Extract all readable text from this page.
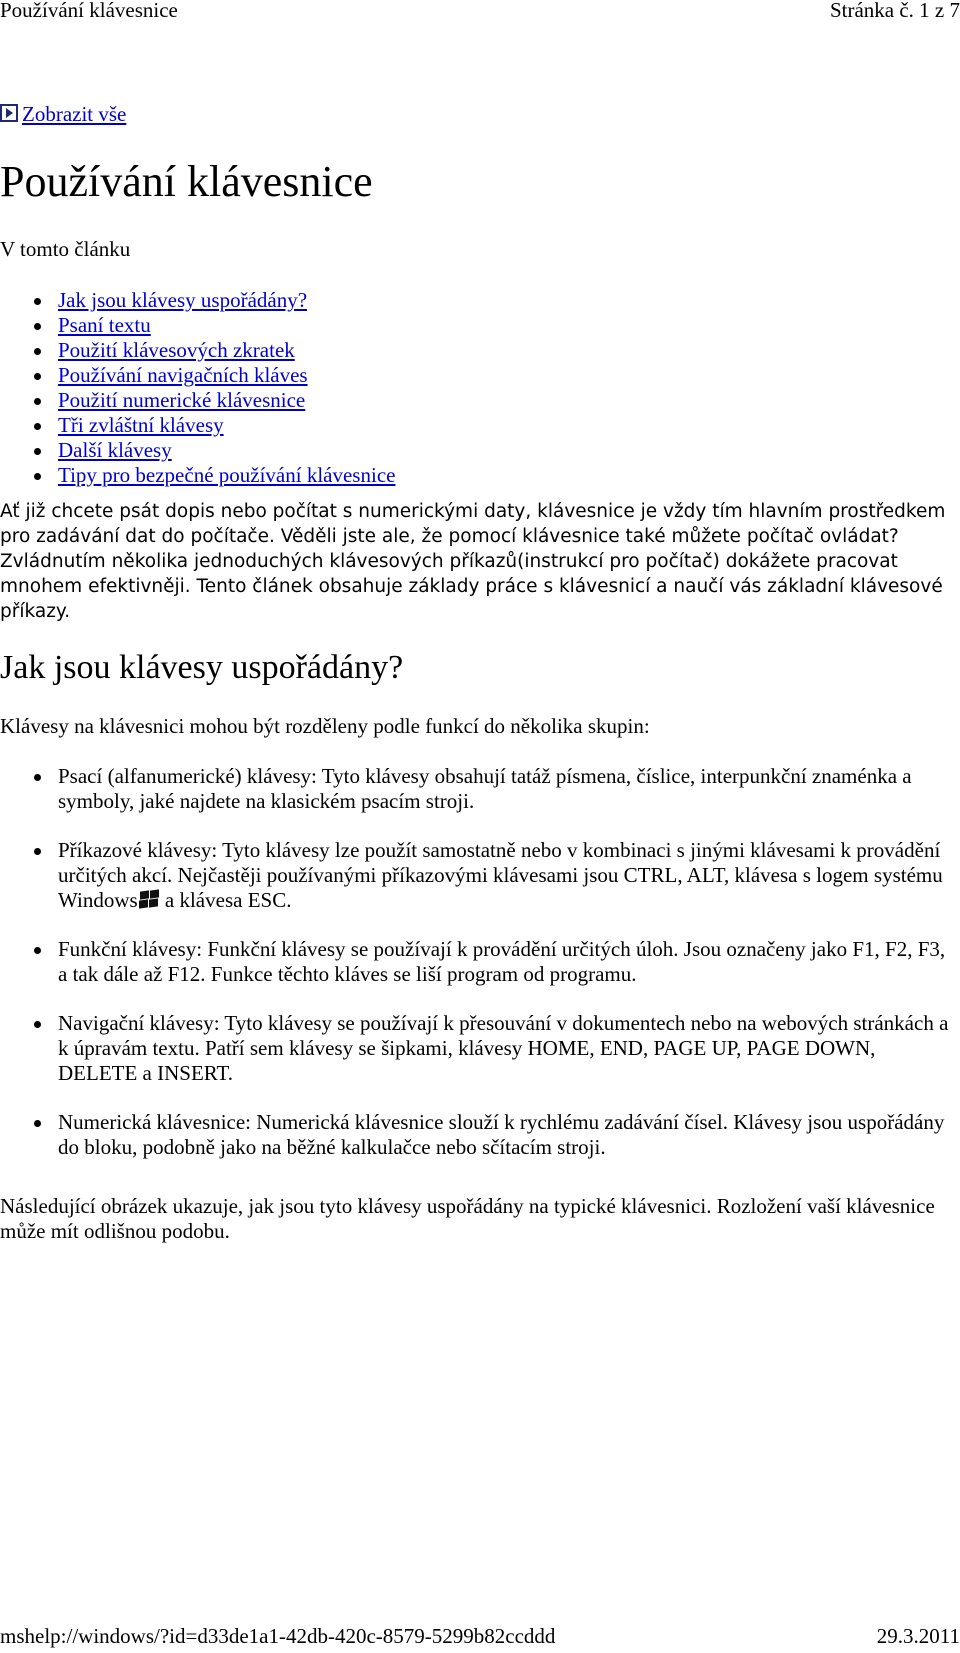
Používání klávesnice	Stránka č. 1 z 7
Zobrazit vše
Používání klávesnice
V tomto článku
Jak jsou klávesy uspořádány?
Psaní textu
Použití klávesových zkratek
Používání navigačních kláves
Použití numerické klávesnice
Tři zvláštní klávesy
Další klávesy
Tipy pro bezpečné používání klávesnice

Ať již chcete psát dopis nebo počítat s numerickými daty, klávesnice je vždy tím hlavním prostředkem pro zadávání dat do počítače. Věděli jste ale, že pomocí klávesnice také můžete počítač ovládat? Zvládnutím několika jednoduchých klávesových příkazů(instrukcí pro počítač) dokážete pracovat mnohem efektivněji. Tento článek obsahuje základy práce s klávesnicí a naučí vás základní klávesové příkazy.

Jak jsou klávesy uspořádány?

Klávesy na klávesnici mohou být rozděleny podle funkcí do několika skupin:

Psací (alfanumerické) klávesy: Tyto klávesy obsahují tatáž písmena, číslice, interpunkční znaménka a symboly, jaké najdete na klasickém psacím stroji.
Příkazové klávesy: Tyto klávesy lze použít samostatně nebo v kombinaci s jinými klávesami k provádění určitých akcí. Nejčastěji používanými příkazovými klávesami jsou CTRL, ALT, klávesa s logem systému Windows
a klávesa ESC.
Funkční klávesy: Funkční klávesy se používají k provádění určitých úloh. Jsou označeny jako F1, F2, F3, a tak dále až F12. Funkce těchto kláves se liší program od programu.
Navigační klávesy: Tyto klávesy se používají k přesouvání v dokumentech nebo na webových stránkách a k úpravám textu. Patří sem klávesy se šipkami, klávesy HOME, END, PAGE UP, PAGE DOWN, DELETE a INSERT.
Numerická klávesnice: Numerická klávesnice slouží k rychlému zadávání čísel. Klávesy jsou uspořádány do bloku, podobně jako na běžné kalkulačce nebo sčítacím stroji.

Následující obrázek ukazuje, jak jsou tyto klávesy uspořádány na typické klávesnici. Rozložení vaší klávesnice může mít odlišnou podobu.

mshelp://windows/?id=d33de1a1-42db-420c-8579-5299b82ccddd	29.3.2011
